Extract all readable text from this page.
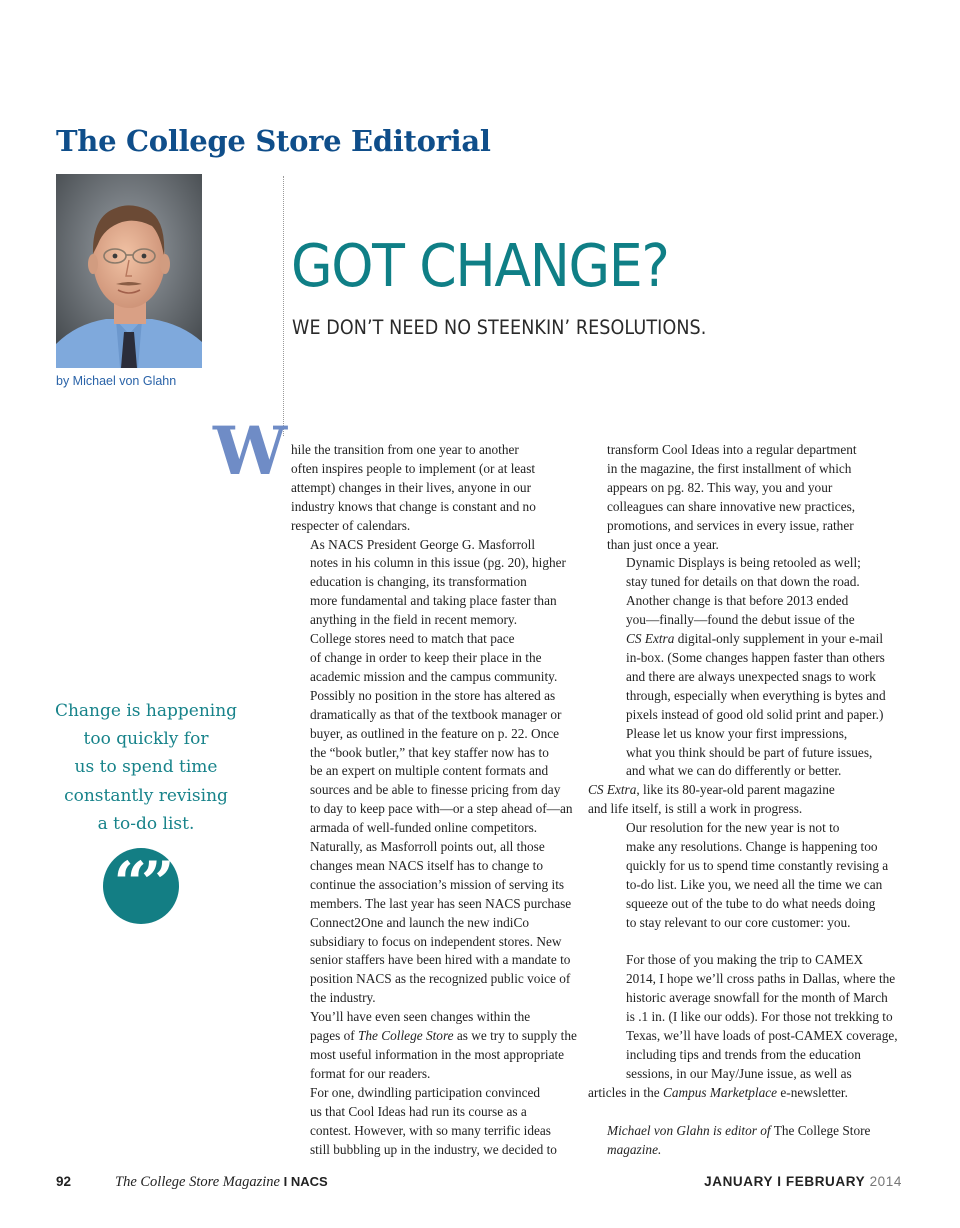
The College Store Editorial
by Michael von Glahn
GOT CHANGE?
WE DON’T NEED NO STEENKIN’ RESOLUTIONS.
W hile the transition from one year to another
often inspires people to implement (or at least
attempt) changes in their lives, anyone in our
industry knows that change is constant and no
respecter of calendars.

As NACS President George G. Masforroll
notes in his column in this issue (pg. 20), higher
education is changing, its transformation
more fundamental and taking place faster than
anything in the field in recent memory.

College stores need to match that pace
of change in order to keep their place in the
academic mission and the campus community.
Possibly no position in the store has altered as
dramatically as that of the textbook manager or
buyer, as outlined in the feature on p. 22. Once
the “book butler,” that key staffer now has to
be an expert on multiple content formats and
sources and be able to finesse pricing from day
to day to keep pace with—or a step ahead of—an
armada of well-funded online competitors.

Naturally, as Masforroll points out, all those
changes mean NACS itself has to change to
continue the association’s mission of serving its
members. The last year has seen NACS purchase
Connect2One and launch the new indiCo
subsidiary to focus on independent stores. New
senior staffers have been hired with a mandate to
position NACS as the recognized public voice of
the industry.

You’ll have even seen changes within the
pages of The College Store as we try to supply the
most useful information in the most appropriate
format for our readers.

For one, dwindling participation convinced
us that Cool Ideas had run its course as a
contest. However, with so many terrific ideas
still bubbling up in the industry, we decided to

transform Cool Ideas into a regular department
in the magazine, the first installment of which
appears on pg. 82. This way, you and your
colleagues can share innovative new practices,
promotions, and services in every issue, rather
than just once a year.

Dynamic Displays is being retooled as well;
stay tuned for details on that down the road.

Another change is that before 2013 ended
you—finally—found the debut issue of the
CS Extra digital-only supplement in your e-mail
in-box. (Some changes happen faster than others
and there are always unexpected snags to work
through, especially when everything is bytes and
pixels instead of good old solid print and paper.)

Please let us know your first impressions,
what you think should be part of future issues,
and what we can do differently or better.
CS Extra, like its 80-year-old parent magazine
and life itself, is still a work in progress.

Our resolution for the new year is not to
make any resolutions. Change is happening too
quickly for us to spend time constantly revising a
to-do list. Like you, we need all the time we can
squeeze out of the tube to do what needs doing
to stay relevant to our core customer: you.

For those of you making the trip to CAMEX
2014, I hope we’ll cross paths in Dallas, where the
historic average snowfall for the month of March
is .1 in. (I like our odds). For those not trekking to
Texas, we’ll have loads of post-CAMEX coverage,
including tips and trends from the education
sessions, in our May/June issue, as well as
articles in the Campus Marketplace e-newsletter.

Michael von Glahn is editor of The College Store
magazine.

Change is happening
too quickly for
us to spend time
constantly revising
a to-do list.
“”
92	The College Store Magazine I NACS	JANUARY I FEBRUARY 2014
